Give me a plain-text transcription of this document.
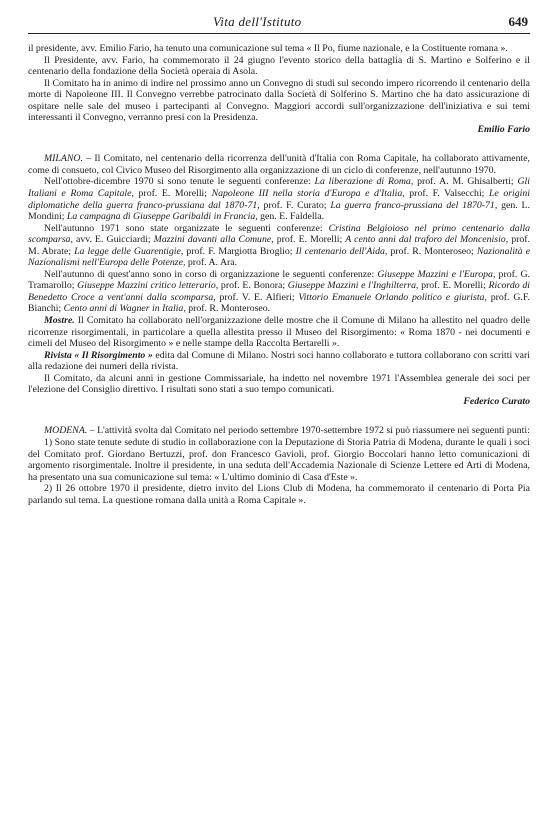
Vita dell'Istituto	649

il presidente, avv. Emilio Fario, ha tenuto una comunicazione sul tema « Il Po, fiume nazionale, e la Costituente romana ».

Il Presidente, avv. Fario, ha commemorato il 24 giugno l'evento storico della battaglia di S. Martino e Solferino e il centenario della fondazione della Società operaia di Asola.

Il Comitato ha in animo di indire nel prossimo anno un Convegno di studi sul secondo impero ricorrendo il centenario della morte di Napoleone III. Il Convegno verrebbe patrocinato dalla Società di Solferino S. Martino che ha dato assicurazione di ospitare nelle sale del museo i partecipanti al Convegno. Maggiori accordi sull'organizzazione dell'iniziativa e sui temi interessanti il Convegno, verranno presi con la Presidenza.

Emilio Fario

MILANO. – Il Comitato, nel centenario della ricorrenza dell'unità d'Italia con Roma Capitale, ha collaborato attivamente, come di consueto, col Civico Museo del Risorgimento alla organizzazione di un ciclo di conferenze, nell'autunno 1970.

Nell'ottobre-dicembre 1970 si sono tenute le seguenti conferenze: La liberazione di Roma, prof. A. M. Ghisalberti; Gli Italiani e Roma Capitale, prof. E. Morelli; Napoleone III nella storia d'Europa e d'Italia, prof. F. Valsecchi; Le origini diplomatiche della guerra franco-prussiana dal 1870-71, prof. F. Curato; La guerra franco-prussiana del 1870-71, gen. L. Mondini; La campagna di Giuseppe Garibaldi in Francia, gen. E. Faldella.

Nell'autunno 1971 sono state organizzate le seguenti conferenze: Cristina Belgioioso nel primo centenario dalla scomparsa, avv. E. Guicciardi; Mazzini davanti alla Comune, prof. E. Morelli; A cento anni dal traforo del Moncenisio, prof. M. Abrate; La legge delle Guarentigie, prof. F. Margiotta Broglio; Il centenario dell'Aida, prof. R. Monteroseo; Nazionalità e Nazionalismi nell'Europa delle Potenze, prof. A. Ara.

Nell'autunno di quest'anno sono in corso di organizzazione le seguenti conferenze: Giuseppe Mazzini e l'Europa, prof. G. Tramarollo; Giuseppe Mazzini critico letterario, prof. E. Bonora; Giuseppe Mazzini e l'Inghilterra, prof. E. Morelli; Ricordo di Benedetto Croce a vent'anni dalla scomparsa, prof. V. E. Alfieri; Vittorio Emanuele Orlando politico e giurista, prof. G.F. Bianchi; Cento anni di Wagner in Italia, prof. R. Monteroseo.

Mostre. Il Comitato ha collaborato nell'organizzazione delle mostre che il Comune di Milano ha allestito nel quadro delle ricorrenze risorgimentali, in particolare a quella allestita presso il Museo del Risorgimento: « Roma 1870 - nei documenti e cimeli del Museo del Risorgimento » e nelle stampe della Raccolta Bertarelli ».

Rivista « Il Risorgimento » edita dal Comune di Milano. Nostri soci hanno collaborato e tuttora collaborano con scritti vari alla redazione dei numeri della rivista.

Il Comitato, da alcuni anni in gestione Commissariale, ha indetto nel novembre 1971 l'Assemblea generale dei soci per l'elezione del Consiglio direttivo. I risultati sono stati a suo tempo comunicati.

Federico Curato

MODENA. – L'attività svolta dal Comitato nel periodo settembre 1970-settembre 1972 si può riassumere nei seguenti punti:

1) Sono state tenute sedute di studio in collaborazione con la Deputazione di Storia Patria di Modena, durante le quali i soci del Comitato prof. Giordano Bertuzzi, prof. don Francesco Gavioli, prof. Giorgio Boccolari hanno letto comunicazioni di argomento risorgimentale. Inoltre il presidente, in una seduta dell'Accademia Nazionale di Scienze Lettere ed Arti di Modena, ha presentato una sua comunicazione sul tema: « L'ultimo dominio di Casa d'Este ».

2) Il 26 ottobre 1970 il presidente, dietro invito del Lions Club di Modena, ha commemorato il centenario di Porta Pia parlando sul tema. La questione romana dalla unità a Roma Capitale ».
